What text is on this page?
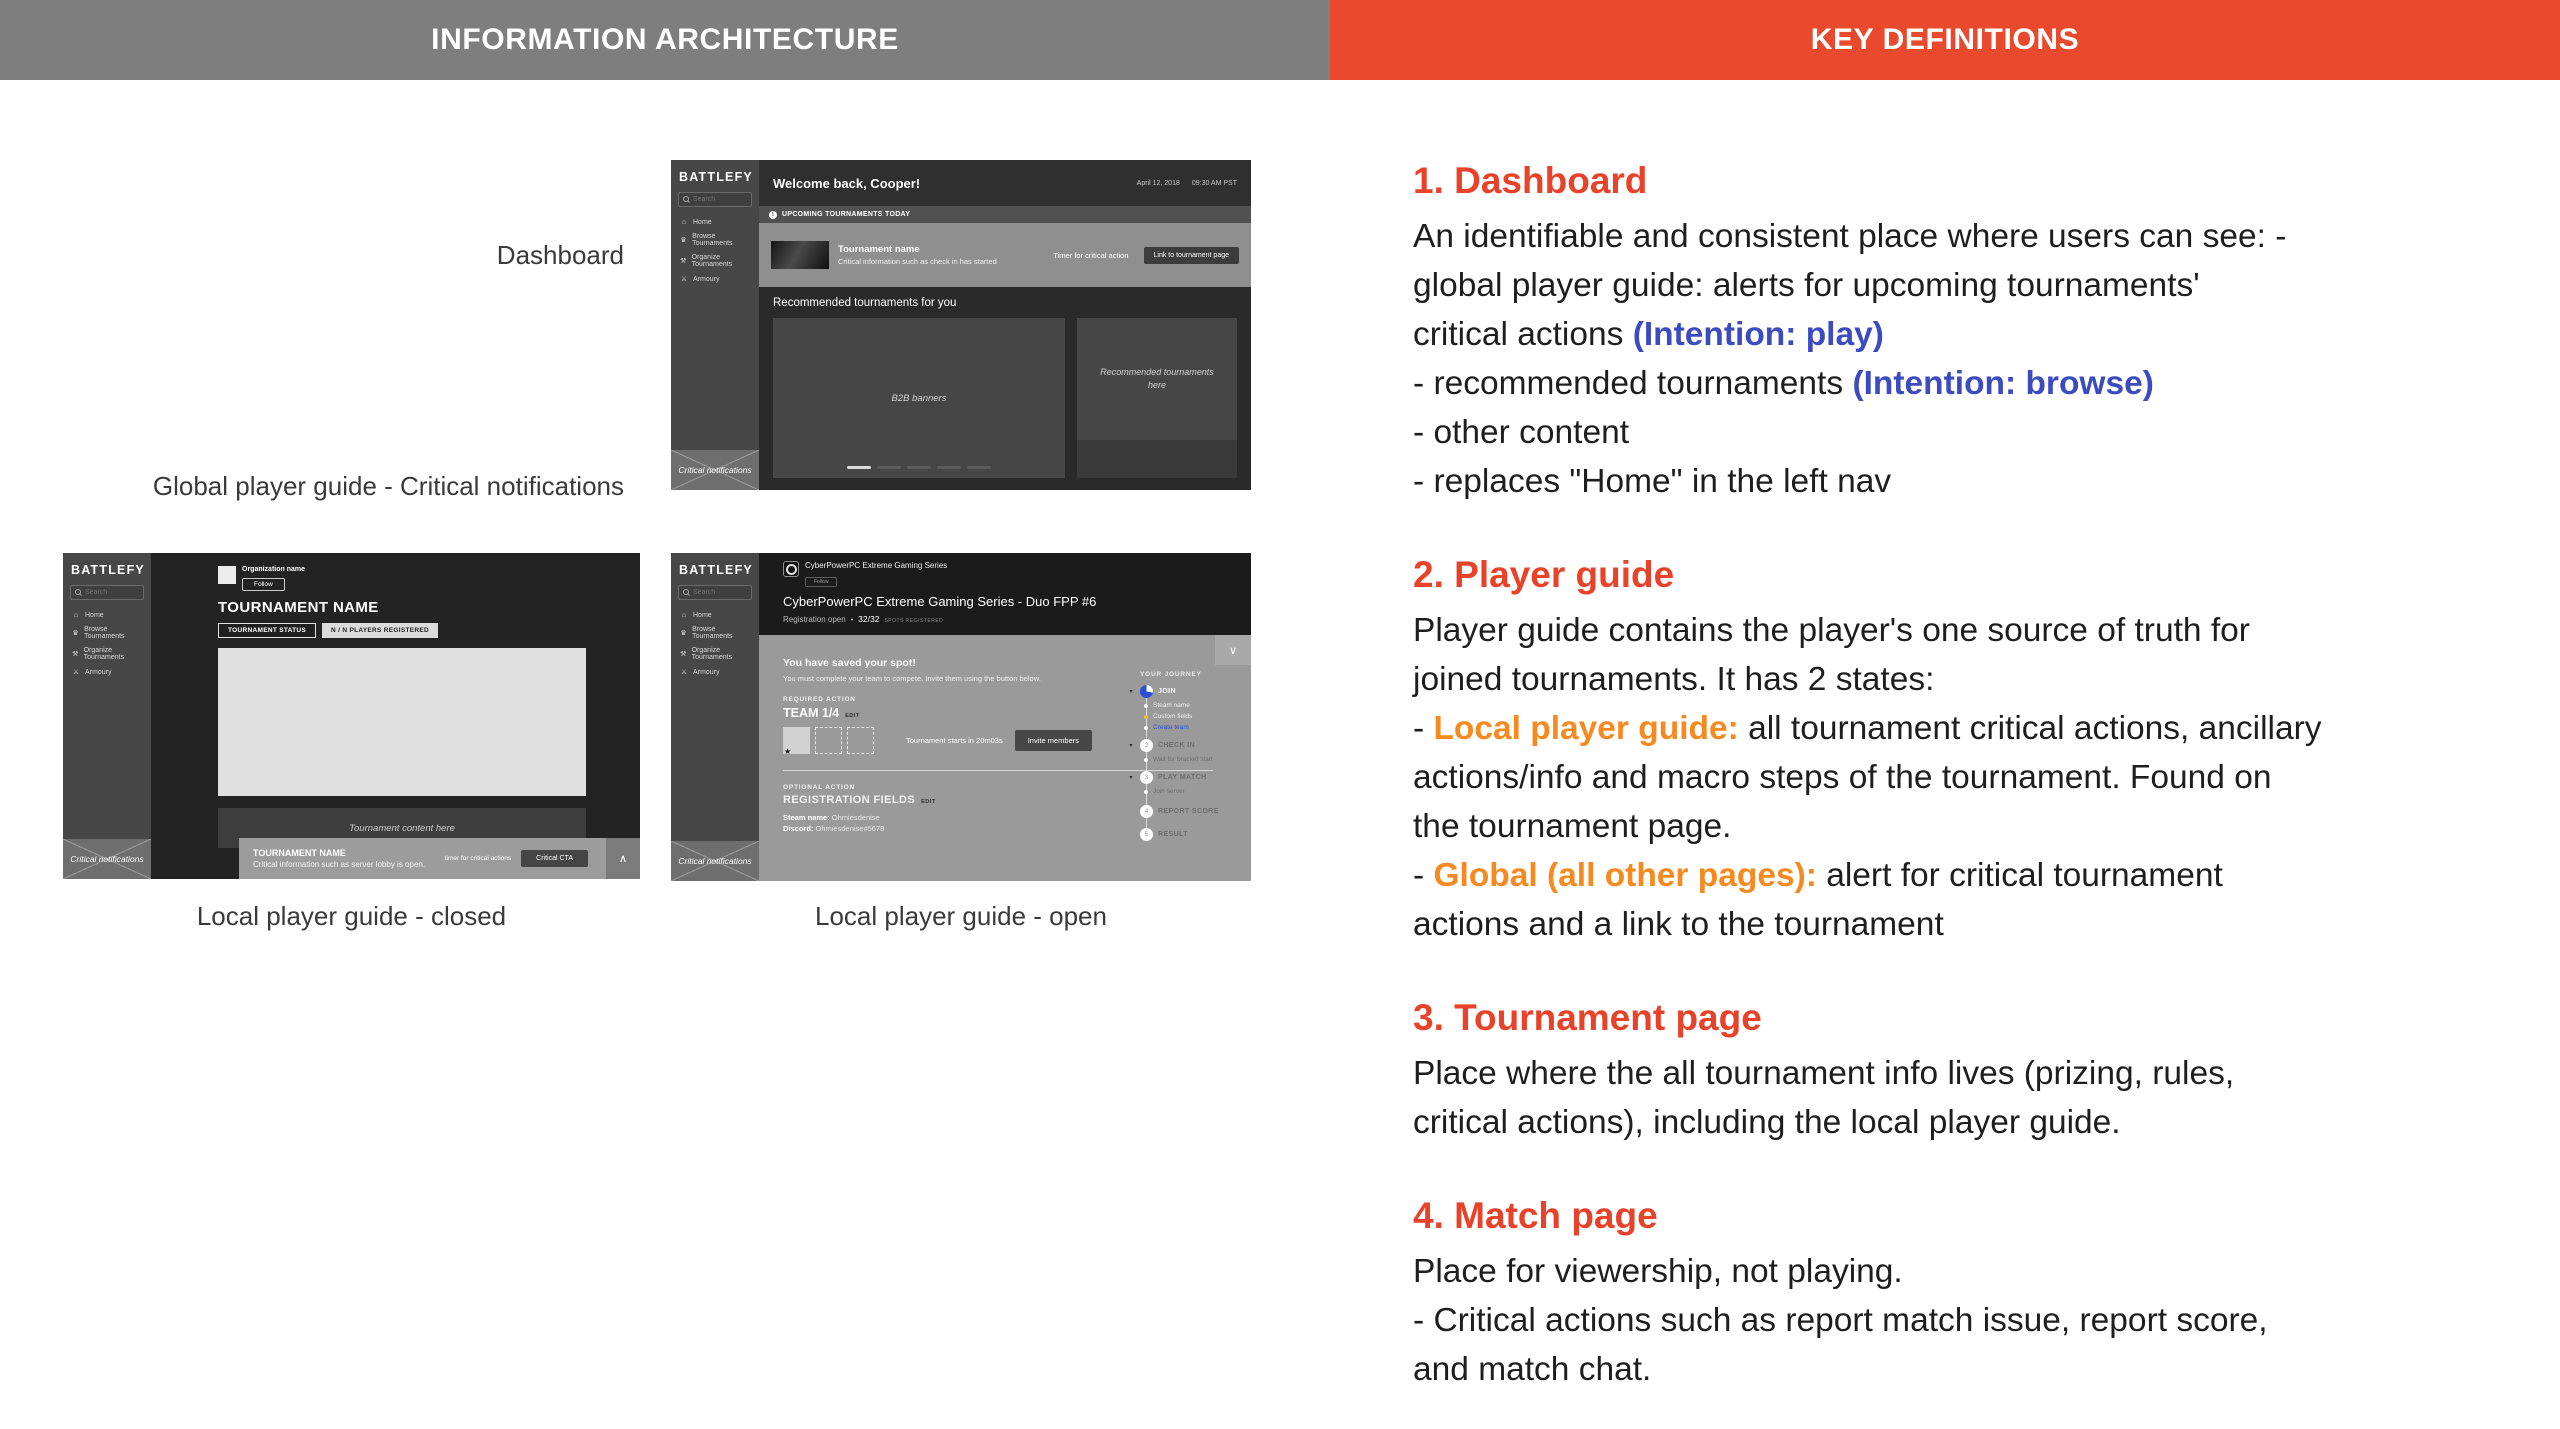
INFORMATION ARCHITECTURE	KEY DEFINITIONS
Dashboard
Global player guide - Critical notifications
Local player guide - closed	Local player guide - open
BATTLEFY
Search
⌂ Home
♛
Browse Tournaments
⚒
Organize Tournaments
⚔ Armoury
Critical notifications
Welcome back, Cooper!	April 12, 2018 09:30 AM PST
!	UPCOMING TOURNAMENTS TODAY
Tournament name
Critical information such as check in has started
Timer for critical action	Link to tournament page
Recommended tournaments for you
B2B banners
Recommended tournaments here
BATTLEFY
Search
⌂ Home
♛
Browse Tournaments
⚒
Organize Tournaments
⚔ Armoury
Critical notifications
Organization name
Follow
TOURNAMENT NAME
TOURNAMENT STATUS	N / N PLAYERS REGISTERED
Tournament content here
TOURNAMENT NAME
Critical information such as server lobby is open.
timer for critical actions	Critical CTA	∧
BATTLEFY
Search
⌂ Home
♛
Browse Tournaments
⚒
Organize Tournaments
⚔ Armoury
Critical notifications
CyberPowerPC Extreme Gaming Series
Follow
CyberPowerPC Extreme Gaming Series - Duo FPP #6
Registration open • 32/32 SPOTS REGISTERED
∨
You have saved your spot!
You must complete your team to compete. Invite them using the button below.
REQUIRED ACTION
TEAM 1/4 EDIT
★
Tournament starts in 20m03s	Invite members
OPTIONAL ACTION
REGISTRATION FIELDS EDIT
Steam name: Ohmiesdenise
Discord: Ohmiesdenise#5678
YOUR JOURNEY
▾	JOIN
Steam name
Custom fields
Create team
▾	2	CHECK IN
Wait for bracket start
▾	3	PLAY MATCH
Join server
4	REPORT SCORE
5	RESULT
1. Dashboard
An identifiable and consistent place where users can see: -
global player guide: alerts for upcoming tournaments'
critical actions (Intention: play)
- recommended tournaments (Intention: browse)
- other content
- replaces "Home" in the left nav
2. Player guide
Player guide contains the player's one source of truth for
joined tournaments. It has 2 states:
- Local player guide: all tournament critical actions, ancillary
actions/info and macro steps of the tournament. Found on
the tournament page.
- Global (all other pages): alert for critical tournament
actions and a link to the tournament
3. Tournament page
Place where the all tournament info lives (prizing, rules,
critical actions), including the local player guide.
4. Match page
Place for viewership, not playing.
- Critical actions such as report match issue, report score,
and match chat.
